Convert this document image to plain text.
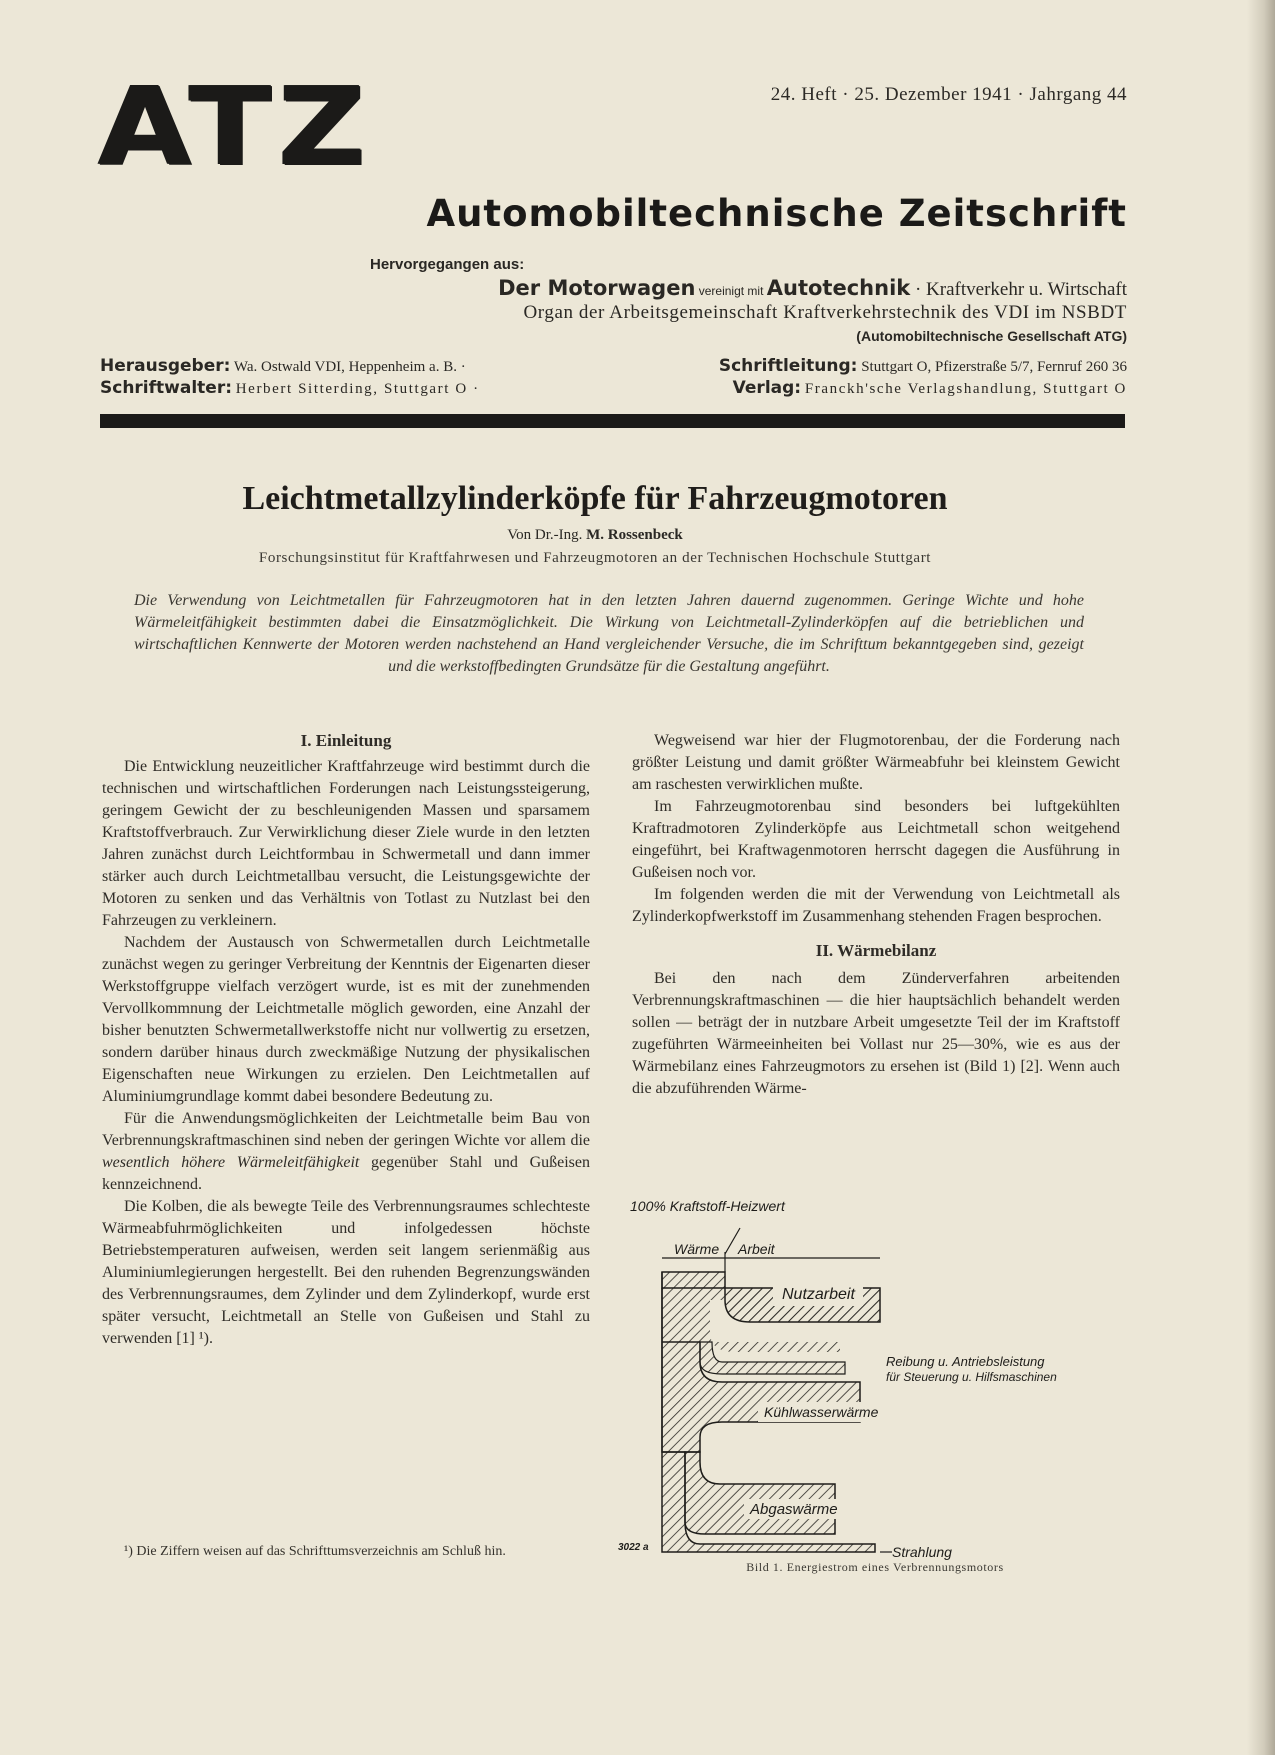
ATZ	24. Heft · 25. Dezember 1941 · Jahrgang 44
Automobiltechnische Zeitschrift
Hervorgegangen aus:
Der Motorwagen vereinigt mit Autotechnik · Kraftverkehr u. Wirtschaft
Organ der Arbeitsgemeinschaft Kraftverkehrstechnik des VDI im NSBDT
(Automobiltechnische Gesellschaft ATG)
Herausgeber: Wa. Ostwald VDI, Heppenheim a. B. ·	Schriftleitung: Stuttgart O, Pfizerstraße 5/7, Fernruf 260 36
Schriftwalter: Herbert Sitterding, Stuttgart O ·	Verlag: Franckh'sche Verlagshandlung, Stuttgart O
Leichtmetallzylinderköpfe für Fahrzeugmotoren
Von Dr.-Ing. M. Rossenbeck
Forschungsinstitut für Kraftfahrwesen und Fahrzeugmotoren an der Technischen Hochschule Stuttgart
Die Verwendung von Leichtmetallen für Fahrzeugmotoren hat in den letzten Jahren dauernd zugenommen. Geringe Wichte und hohe Wärmeleitfähigkeit bestimmten dabei die Einsatzmöglichkeit. Die Wirkung von Leichtmetall-Zylinderköpfen auf die betrieblichen und wirtschaftlichen Kennwerte der Motoren werden nachstehend an Hand vergleichender Versuche, die im Schrifttum bekanntgegeben sind, gezeigt und die werkstoffbedingten Grundsätze für die Gestaltung angeführt.
I. Einleitung

Die Entwicklung neuzeitlicher Kraftfahrzeuge wird bestimmt durch die technischen und wirtschaftlichen Forderungen nach Leistungssteigerung, geringem Gewicht der zu beschleunigenden Massen und sparsamem Kraftstoffverbrauch. Zur Verwirklichung dieser Ziele wurde in den letzten Jahren zunächst durch Leichtformbau in Schwermetall und dann immer stärker auch durch Leichtmetallbau versucht, die Leistungsgewichte der Motoren zu senken und das Verhältnis von Totlast zu Nutzlast bei den Fahrzeugen zu verkleinern.

Nachdem der Austausch von Schwermetallen durch Leichtmetalle zunächst wegen zu geringer Verbreitung der Kenntnis der Eigenarten dieser Werkstoffgruppe vielfach verzögert wurde, ist es mit der zunehmenden Vervollkommnung der Leichtmetalle möglich geworden, eine Anzahl der bisher benutzten Schwermetallwerkstoffe nicht nur vollwertig zu ersetzen, sondern darüber hinaus durch zweckmäßige Nutzung der physikalischen Eigenschaften neue Wirkungen zu erzielen. Den Leichtmetallen auf Aluminiumgrundlage kommt dabei besondere Bedeutung zu.

Für die Anwendungsmöglichkeiten der Leichtmetalle beim Bau von Verbrennungskraftmaschinen sind neben der geringen Wichte vor allem die wesentlich höhere Wärmeleitfähigkeit gegenüber Stahl und Gußeisen kennzeichnend.

Die Kolben, die als bewegte Teile des Verbrennungsraumes schlechteste Wärmeabfuhrmöglichkeiten und infolgedessen höchste Betriebstemperaturen aufweisen, werden seit langem serienmäßig aus Aluminiumlegierungen hergestellt. Bei den ruhenden Begrenzungswänden des Verbrennungsraumes, dem Zylinder und dem Zylinderkopf, wurde erst später versucht, Leichtmetall an Stelle von Gußeisen und Stahl zu verwenden [1] ¹).

¹) Die Ziffern weisen auf das Schrifttumsverzeichnis am Schluß hin.

Wegweisend war hier der Flugmotorenbau, der die Forderung nach größter Leistung und damit größter Wärmeabfuhr bei kleinstem Gewicht am raschesten verwirklichen mußte.

Im Fahrzeugmotorenbau sind besonders bei luftgekühlten Kraftradmotoren Zylinderköpfe aus Leichtmetall schon weitgehend eingeführt, bei Kraftwagenmotoren herrscht dagegen die Ausführung in Gußeisen noch vor.

Im folgenden werden die mit der Verwendung von Leichtmetall als Zylinderkopfwerkstoff im Zusammenhang stehenden Fragen besprochen.

II. Wärmebilanz

Bei den nach dem Zünderverfahren arbeitenden Verbrennungskraftmaschinen — die hier hauptsächlich behandelt werden sollen — beträgt der in nutzbare Arbeit umgesetzte Teil der im Kraftstoff zugeführten Wärmeeinheiten bei Vollast nur 25—30%, wie es aus der Wärmebilanz eines Fahrzeugmotors zu ersehen ist (Bild 1) [2]. Wenn auch die abzuführenden Wärme-

100% Kraftstoff-Heizwert
Wärme Arbeit
Nutzarbeit
Reibung u. Antriebsleistung
für Steuerung u. Hilfsmaschinen
Kühlwasserwärme
Abgaswärme
Strahlung
3022 a
Bild 1. Energiestrom eines Verbrennungsmotors
